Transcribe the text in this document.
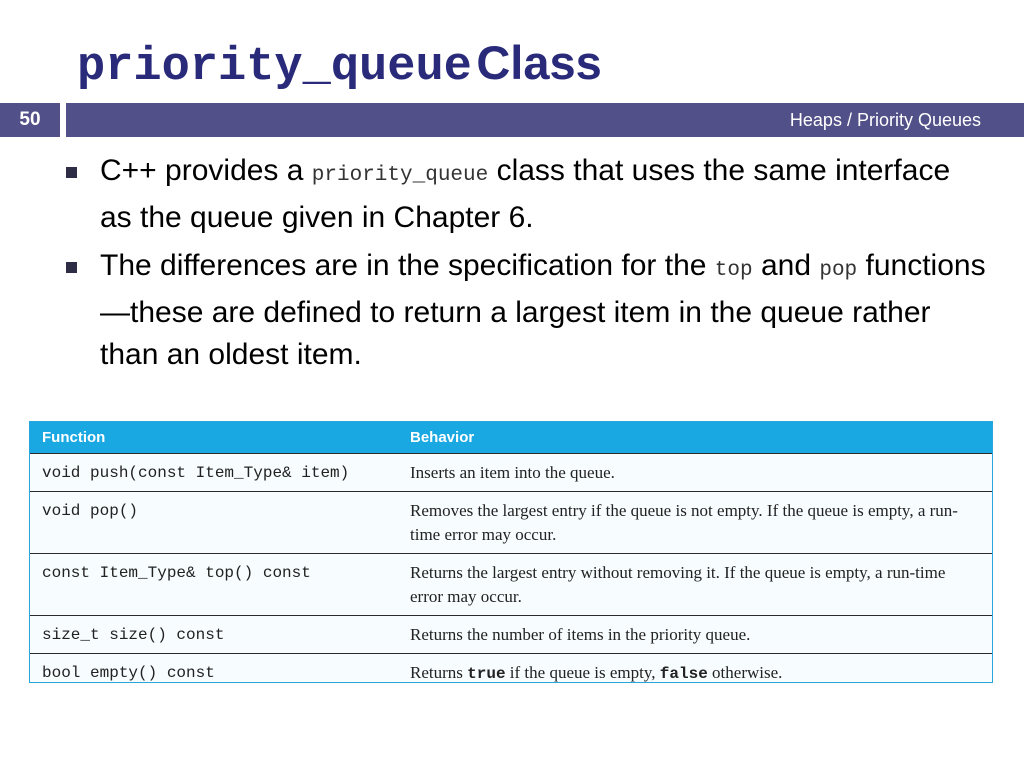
priority_queue Class
50	Heaps / Priority Queues
C++ provides a priority_queue class that uses the same interface as the queue given in Chapter 6.
The differences are in the specification for the top and pop functions—these are defined to return a largest item in the queue rather than an oldest item.
Function	Behavior
void push(const Item_Type& item)	Inserts an item into the queue.
void pop()	Removes the largest entry if the queue is not empty. If the queue is empty, a run-time error may occur.
const Item_Type& top() const	Returns the largest entry without removing it. If the queue is empty, a run-time error may occur.
size_t size() const	Returns the number of items in the priority queue.
bool empty() const	Returns true if the queue is empty, false otherwise.
